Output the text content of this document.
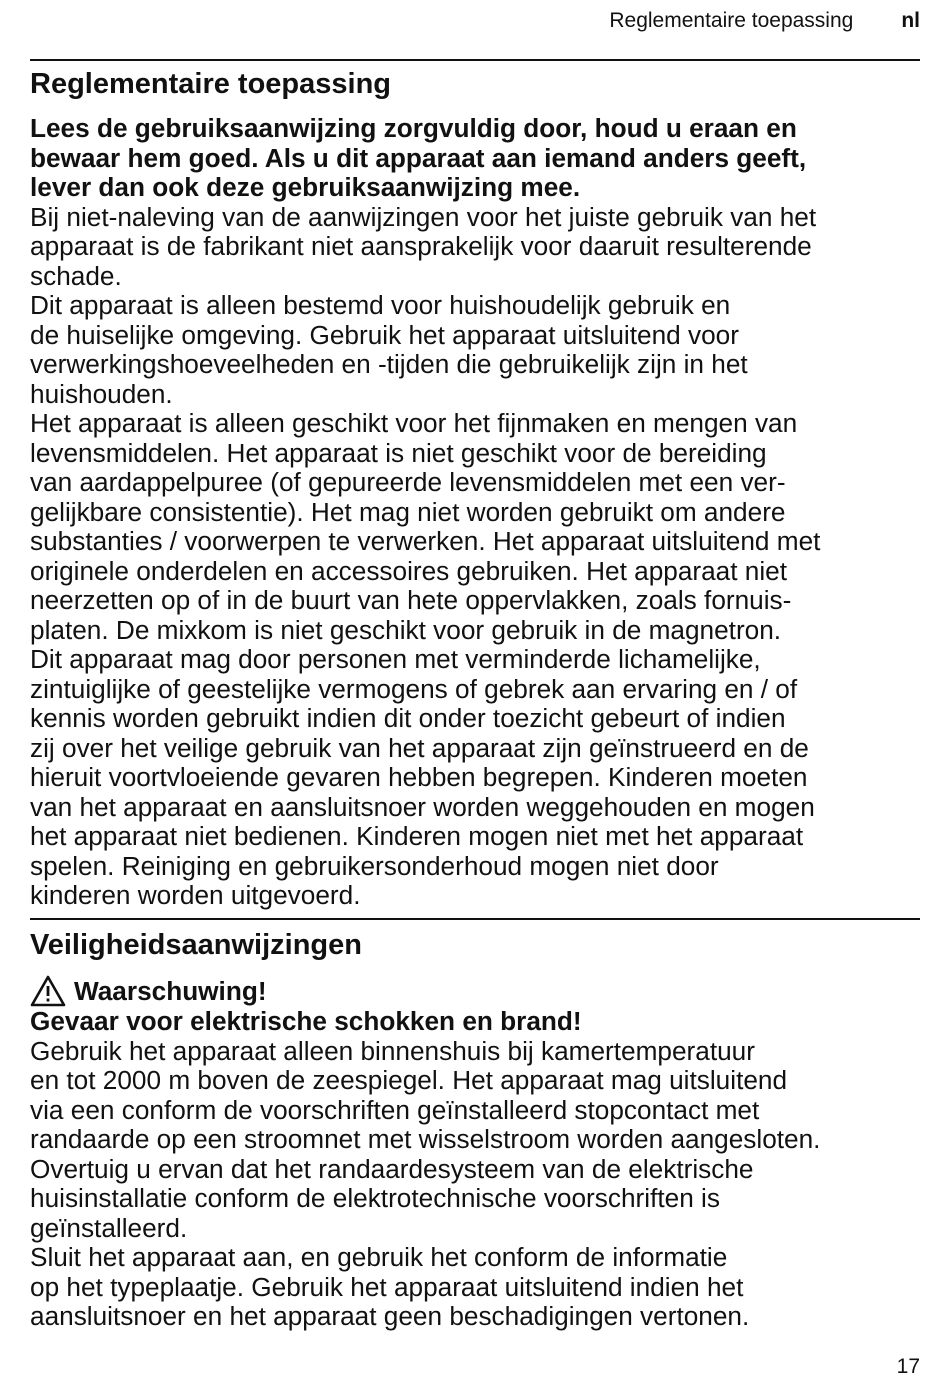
Reglementaire toepassing nl
Reglementaire toepassing

Lees de gebruiksaanwijzing zorgvuldig door, houd u eraan en
bewaar hem goed. Als u dit apparaat aan iemand anders geeft,
lever dan ook deze gebruiksaanwijzing mee.

Bij niet-naleving van de aanwijzingen voor het juiste gebruik van het
apparaat is de fabrikant niet aansprakelijk voor daaruit resulterende
schade.

Dit apparaat is alleen bestemd voor huishoudelijk gebruik en
de huiselijke omgeving. Gebruik het apparaat uitsluitend voor
verwerkingshoeveelheden en -tijden die gebruikelijk zijn in het
huishouden.

Het apparaat is alleen geschikt voor het fijnmaken en mengen van
levensmiddelen. Het apparaat is niet geschikt voor de bereiding
van aardappelpuree (of gepureerde levensmiddelen met een ver-
gelijkbare consistentie). Het mag niet worden gebruikt om andere
substanties / voorwerpen te verwerken. Het apparaat uitsluitend met
originele onderdelen en accessoires gebruiken. Het apparaat niet
neerzetten op of in de buurt van hete oppervlakken, zoals fornuis-
platen. De mixkom is niet geschikt voor gebruik in de magnetron.

Dit apparaat mag door personen met verminderde lichamelijke,
zintuiglijke of geestelijke vermogens of gebrek aan ervaring en / of
kennis worden gebruikt indien dit onder toezicht gebeurt of indien
zij over het veilige gebruik van het apparaat zijn geïnstrueerd en de
hieruit voortvloeiende gevaren hebben begrepen. Kinderen moeten
van het apparaat en aansluitsnoer worden weggehouden en mogen
het apparaat niet bedienen. Kinderen mogen niet met het apparaat
spelen. Reiniging en gebruikersonderhoud mogen niet door
kinderen worden uitgevoerd.

Veiligheidsaanwijzingen
Waarschuwing!

Gevaar voor elektrische schokken en brand!

Gebruik het apparaat alleen binnenshuis bij kamertemperatuur
en tot 2000 m boven de zeespiegel. Het apparaat mag uitsluitend
via een conform de voorschriften geïnstalleerd stopcontact met
randaarde op een stroomnet met wisselstroom worden aangesloten.
Overtuig u ervan dat het randaardesysteem van de elektrische
huisinstallatie conform de elektrotechnische voorschriften is
geïnstalleerd.

Sluit het apparaat aan, en gebruik het conform de informatie
op het typeplaatje. Gebruik het apparaat uitsluitend indien het
aansluitsnoer en het apparaat geen beschadigingen vertonen.

17
